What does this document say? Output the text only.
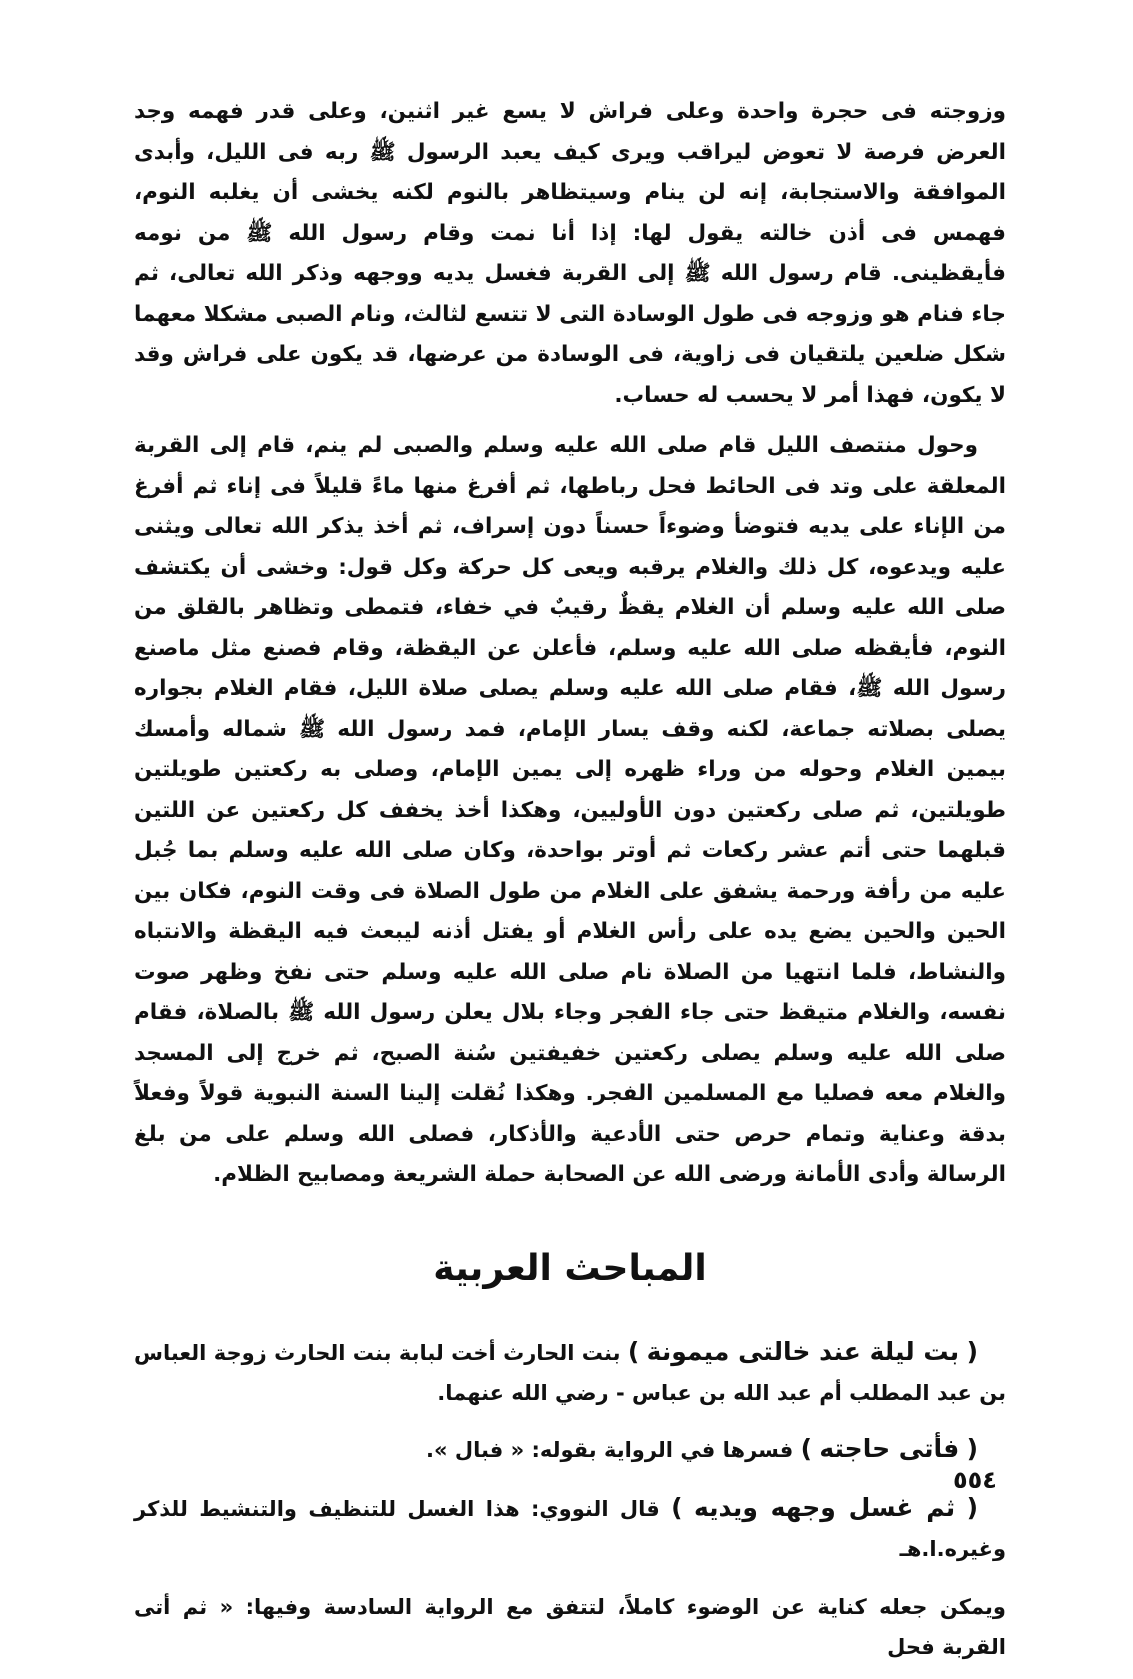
وزوجته فى حجرة واحدة وعلى فراش لا يسع غير اثنين، وعلى قدر فهمه وجد العرض فرصة لا تعوض ليراقب ويرى كيف يعبد الرسول ﷺ ربه فى الليل، وأبدى الموافقة والاستجابة، إنه لن ينام وسيتظاهر بالنوم لكنه يخشى أن يغلبه النوم، فهمس فى أذن خالته يقول لها: إذا أنا نمت وقام رسول الله ﷺ من نومه فأيقظينى. قام رسول الله ﷺ إلى القربة فغسل يديه ووجهه وذكر الله تعالى، ثم جاء فنام هو وزوجه فى طول الوسادة التى لا تتسع لثالث، ونام الصبى مشكلا معهما شكل ضلعين يلتقيان فى زاوية، فى الوسادة من عرضها، قد يكون على فراش وقد لا يكون، فهذا أمر لا يحسب له حساب.

وحول منتصف الليل قام صلى الله عليه وسلم والصبى لم ينم، قام إلى القربة المعلقة على وتد فى الحائط فحل رباطها، ثم أفرغ منها ماءً قليلاً فى إناء ثم أفرغ من الإناء على يديه فتوضأ وضوءاً حسناً دون إسراف، ثم أخذ يذكر الله تعالى ويثنى عليه ويدعوه، كل ذلك والغلام يرقبه ويعى كل حركة وكل قول: وخشى أن يكتشف صلى الله عليه وسلم أن الغلام يقظٌ رقيبٌ في خفاء، فتمطى وتظاهر بالقلق من النوم، فأيقظه صلى الله عليه وسلم، فأعلن عن اليقظة، وقام فصنع مثل ماصنع رسول الله ﷺ، فقام صلى الله عليه وسلم يصلى صلاة الليل، فقام الغلام بجواره يصلى بصلاته جماعة، لكنه وقف يسار الإمام، فمد رسول الله ﷺ شماله وأمسك بيمين الغلام وحوله من وراء ظهره إلى يمين الإمام، وصلى به ركعتين طويلتين طويلتين، ثم صلى ركعتين دون الأوليين، وهكذا أخذ يخفف كل ركعتين عن اللتين قبلهما حتى أتم عشر ركعات ثم أوتر بواحدة، وكان صلى الله عليه وسلم بما جُبل عليه من رأفة ورحمة يشفق على الغلام من طول الصلاة فى وقت النوم، فكان بين الحين والحين يضع يده على رأس الغلام أو يفتل أذنه ليبعث فيه اليقظة والانتباه والنشاط، فلما انتهيا من الصلاة نام صلى الله عليه وسلم حتى نفخ وظهر صوت نفسه، والغلام متيقظ حتى جاء الفجر وجاء بلال يعلن رسول الله ﷺ بالصلاة، فقام صلى الله عليه وسلم يصلى ركعتين خفيفتين سُنة الصبح، ثم خرج إلى المسجد والغلام معه فصليا مع المسلمين الفجر. وهكذا نُقلت إلينا السنة النبوية قولاً وفعلاً بدقة وعناية وتمام حرص حتى الأدعية والأذكار، فصلى الله وسلم على من بلغ الرسالة وأدى الأمانة ورضى الله عن الصحابة حملة الشريعة ومصابيح الظلام.

المباحث العربية

( بت ليلة عند خالتى ميمونة ) بنت الحارث أخت لبابة بنت الحارث زوجة العباس بن عبد المطلب أم عبد الله بن عباس - رضي الله عنهما.

( فأتى حاجته ) فسرها في الرواية بقوله: « فبال ».

( ثم غسل وجهه ويديه ) قال النووي: هذا الغسل للتنظيف والتنشيط للذكر وغيره.ا.هـ

ويمكن جعله كناية عن الوضوء كاملاً، لتتفق مع الرواية السادسة وفيها: « ثم أتى القربة فحل

٥٥٤
